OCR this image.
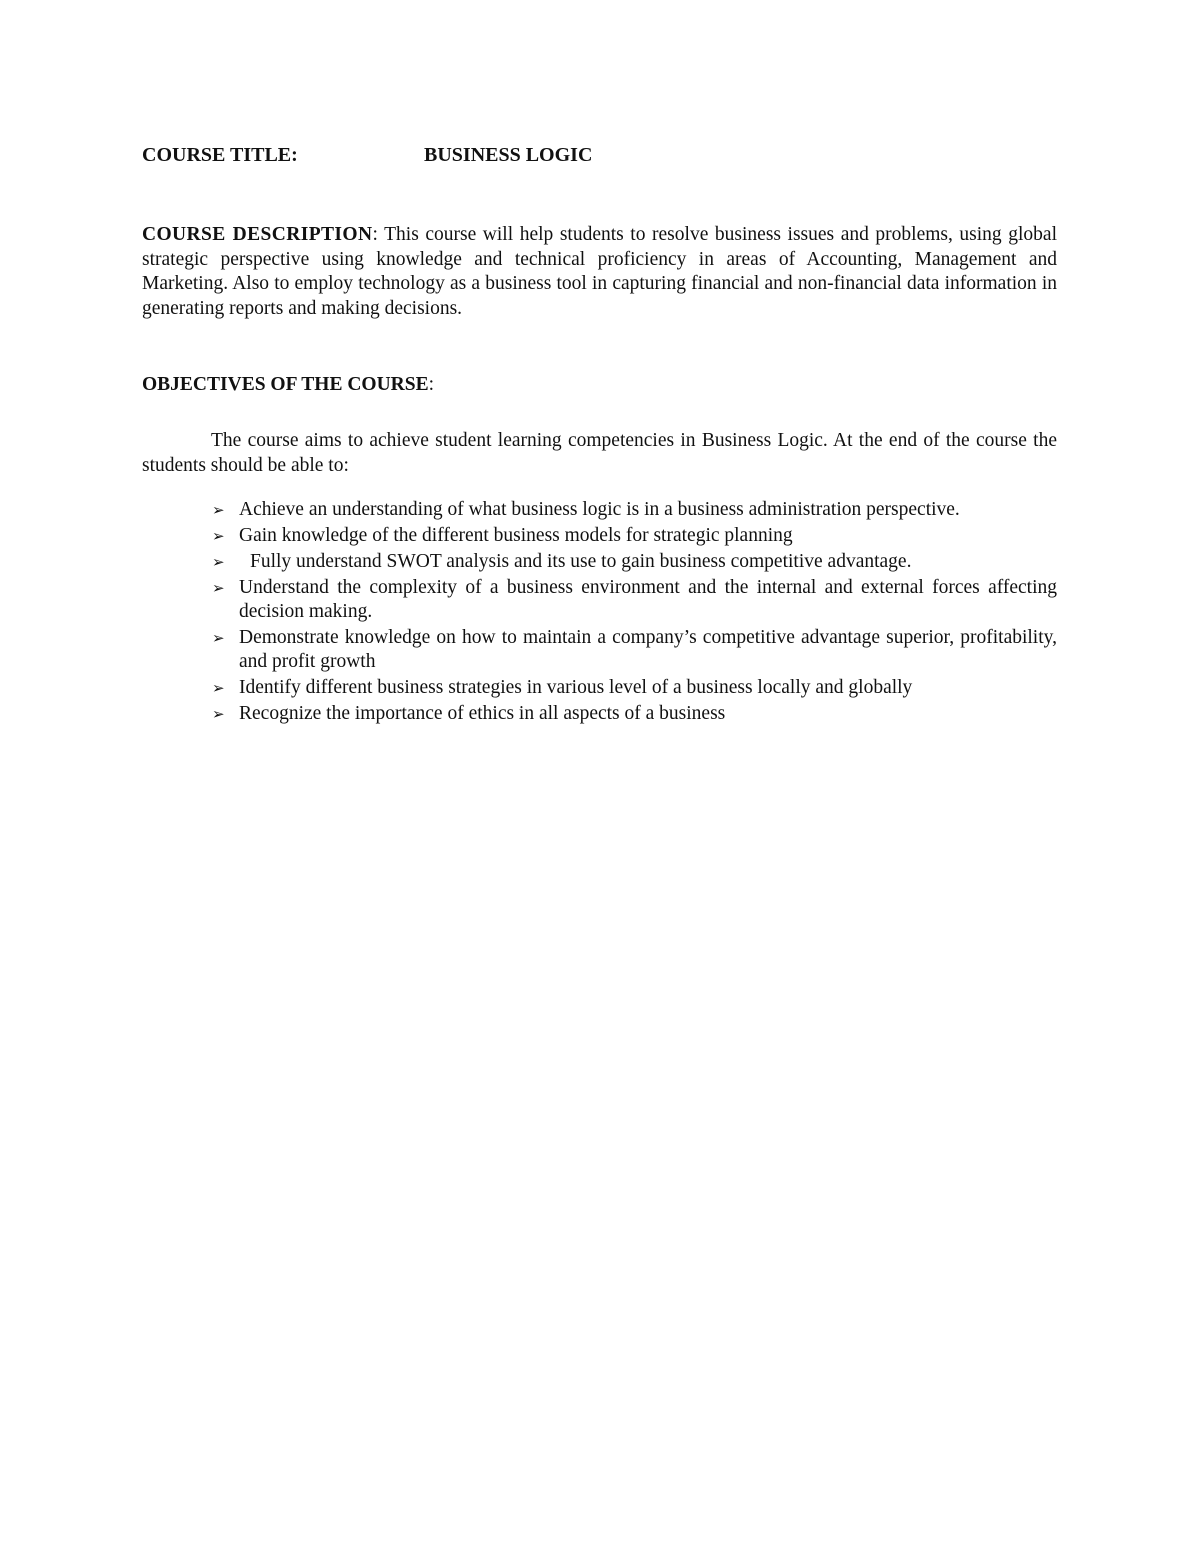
COURSE TITLE:	BUSINESS LOGIC

COURSE DESCRIPTION: This course will help students to resolve business issues and problems, using global strategic perspective using knowledge and technical proficiency in areas of Accounting, Management and Marketing. Also to employ technology as a business tool in capturing financial and non-financial data information in generating reports and making decisions.

OBJECTIVES OF THE COURSE:

The course aims to achieve student learning competencies in Business Logic. At the end of the course the students should be able to:

➢ Achieve an understanding of what business logic is in a business administration perspective.
➢ Gain knowledge of the different business models for strategic planning
➢	Fully understand SWOT analysis and its use to gain business competitive advantage.
➢ Understand the complexity of a business environment and the internal and external forces affecting decision making.
➢ Demonstrate knowledge on how to maintain a company’s competitive advantage superior, profitability, and profit growth
➢ Identify different business strategies in various level of a business locally and globally
➢ Recognize the importance of ethics in all aspects of a business
